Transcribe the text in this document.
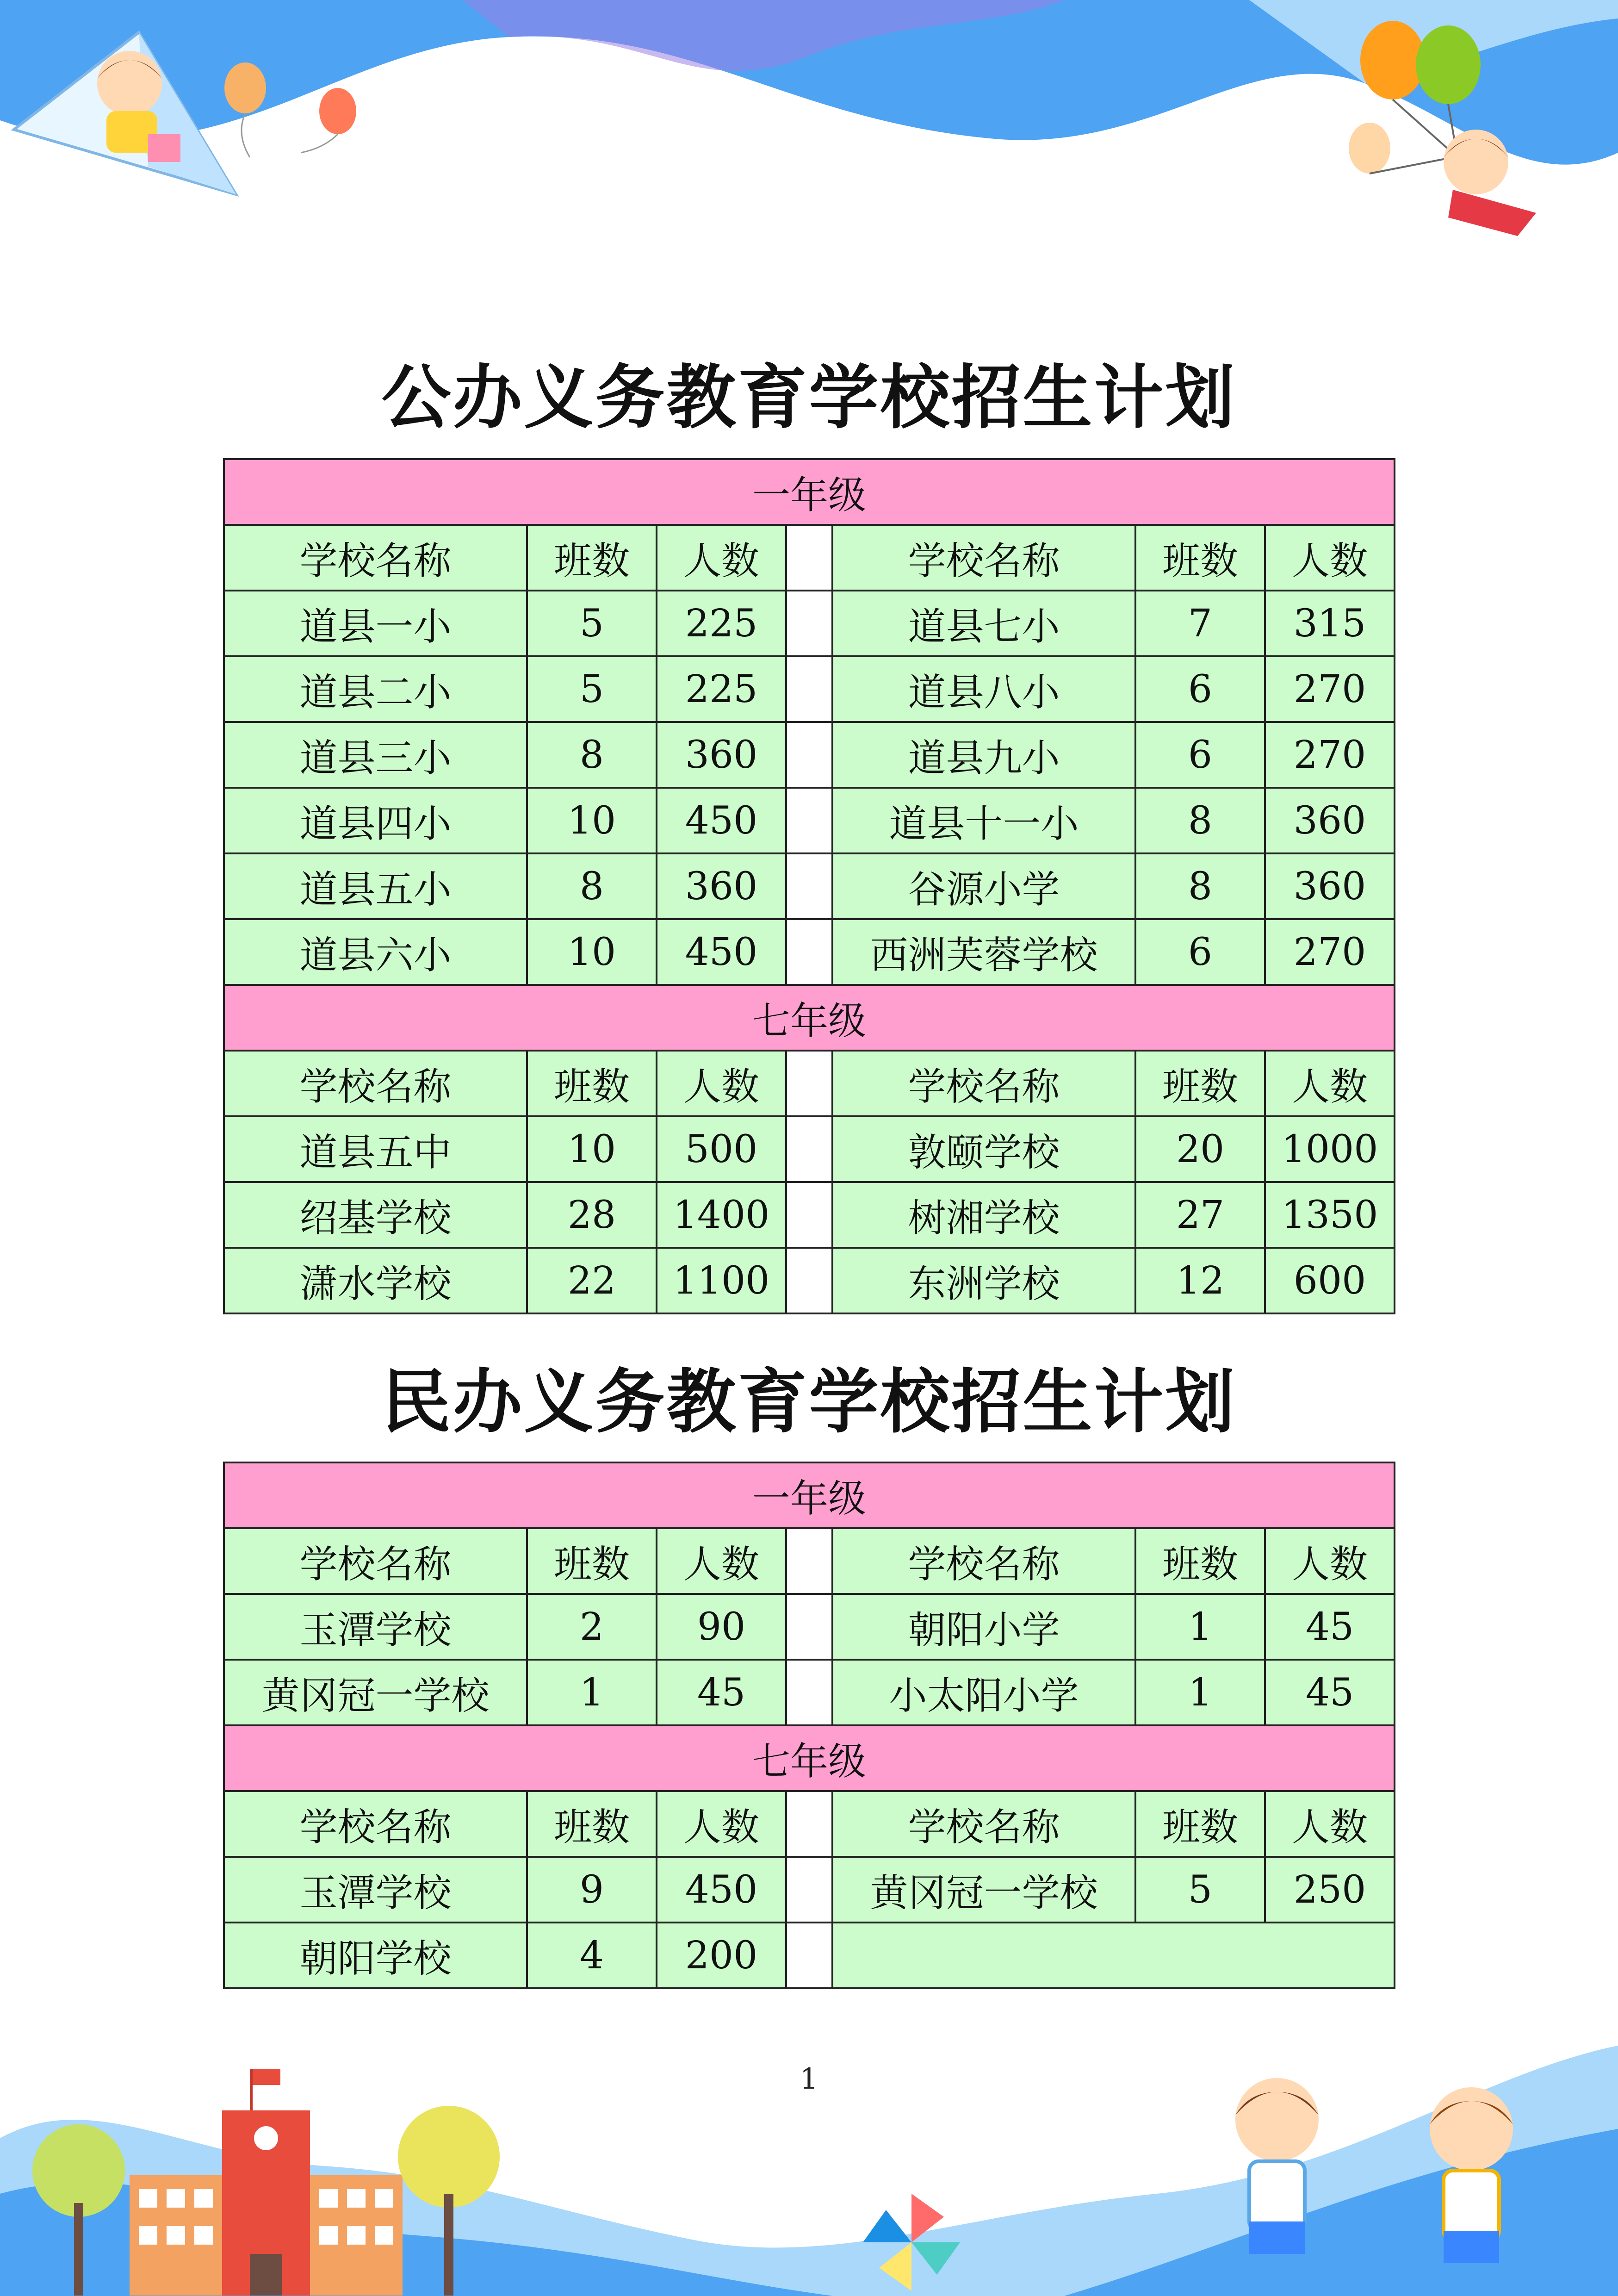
公办义务教育学校招生计划
一年级						
学校名称	班数	人数		学校名称	班数	人数
道县一小	5	225		道县七小	7	315
道县二小	5	225		道县八小	6	270
道县三小	8	360		道县九小	6	270
道县四小	10	450		道县十一小	8	360
道县五小	8	360		谷源小学	8	360
道县六小	10	450		西洲芙蓉学校	6	270
七年级						
学校名称	班数	人数		学校名称	班数	人数
道县五中	10	500		敦颐学校	20	1000
绍基学校	28	1400		树湘学校	27	1350
潇水学校	22	1100		东洲学校	12	600
民办义务教育学校招生计划
一年级						
学校名称	班数	人数		学校名称	班数	人数
玉潭学校	2	90		朝阳小学	1	45
黄冈冠一学校	1	45		小太阳小学	1	45
七年级						
学校名称	班数	人数		学校名称	班数	人数
玉潭学校	9	450		黄冈冠一学校	5	250
朝阳学校	4	200				
1
